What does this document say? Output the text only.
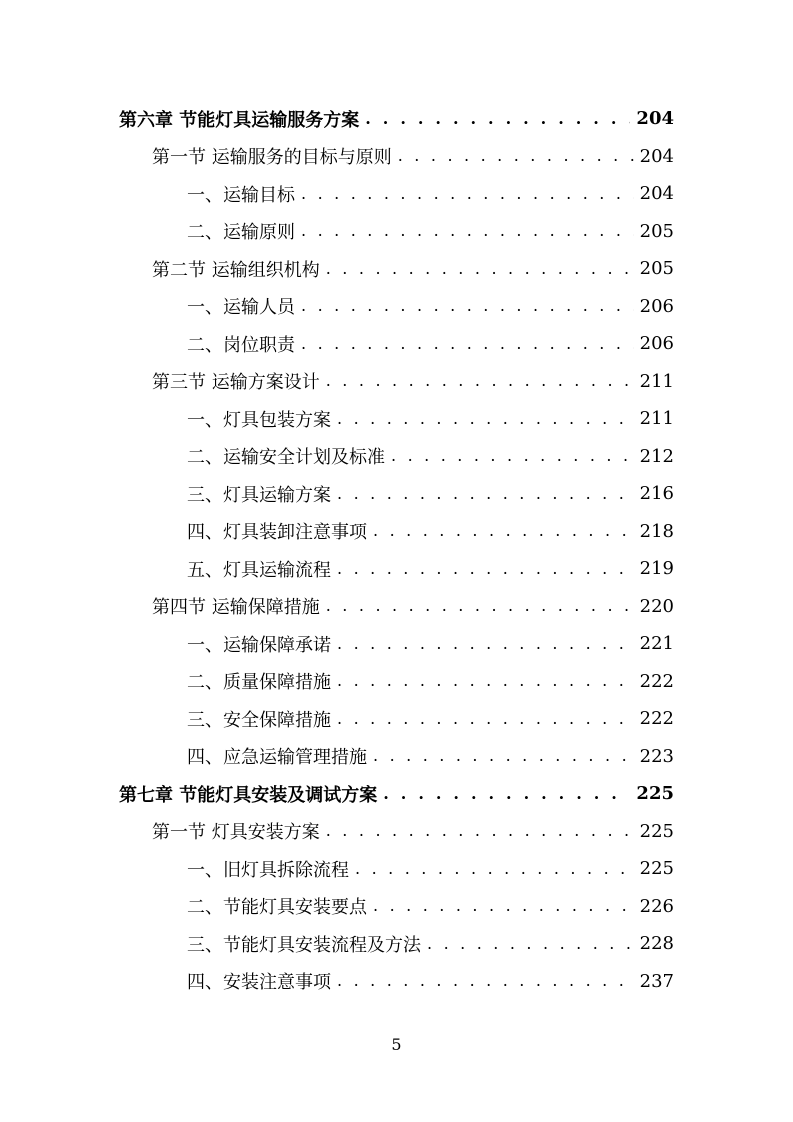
第六章 节能灯具运输服务方案 . . .	204
第一节 运输服务的目标与原则 . . .	204
一、运输目标 . . .	204
二、运输原则 . . .	205
第二节 运输组织机构 . . .	205
一、运输人员 . . .	206
二、岗位职责 . . .	206
第三节 运输方案设计 . . .	211
一、灯具包装方案 . . .	211
二、运输安全计划及标准 . . .	212
三、灯具运输方案 . . .	216
四、灯具装卸注意事项 . . .	218
五、灯具运输流程 . . .	219
第四节 运输保障措施 . . .	220
一、运输保障承诺 . . .	221
二、质量保障措施 . . .	222
三、安全保障措施 . . .	222
四、应急运输管理措施 . . .	223
第七章 节能灯具安装及调试方案 . . .	225
第一节 灯具安装方案 . . .	225
一、旧灯具拆除流程 . . .	225
二、节能灯具安装要点 . . .	226
三、节能灯具安装流程及方法 . . .	228
四、安装注意事项 . . .	237
5
